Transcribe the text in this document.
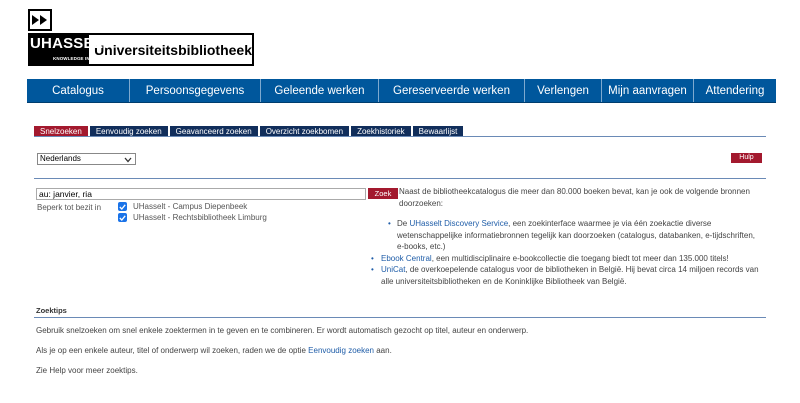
UHASSELT
KNOWLEDGE IN ACTION
Universiteitsbibliotheek
Catalogus	Persoonsgegevens	Geleende werken	Gereserveerde werken	Verlengen	Mijn aanvragen	Attendering
Snelzoeken	Eenvoudig zoeken	Geavanceerd zoeken	Overzicht zoekbomen	Zoekhistoriek	Bewaarlijst
Nederlands	Hulp
au: janvier, ria	Zoek
Beperk tot bezit in	UHasselt - Campus Diepenbeek
UHasselt - Rechtsbibliotheek Limburg
Naast de bibliotheekcatalogus die meer dan 80.000 boeken bevat, kan je ook de volgende bronnen doorzoeken:
• De UHasselt Discovery Service, een zoekinterface waarmee je via één zoekactie diverse wetenschappelijke informatiebronnen tegelijk kan doorzoeken (catalogus, databanken, e-tijdschriften, e-books, etc.)
• Ebook Central, een multidisciplinaire e-bookcollectie die toegang biedt tot meer dan 135.000 titels!
• UniCat, de overkoepelende catalogus voor de bibliotheken in België. Hij bevat circa 14 miljoen records van alle universiteitsbibliotheken en de Koninklijke Bibliotheek van België.
Zoektips
Gebruik snelzoeken om snel enkele zoektermen in te geven en te combineren. Er wordt automatisch gezocht op titel, auteur en onderwerp.
Als je op een enkele auteur, titel of onderwerp wil zoeken, raden we de optie Eenvoudig zoeken aan.
Zie Help voor meer zoektips.
